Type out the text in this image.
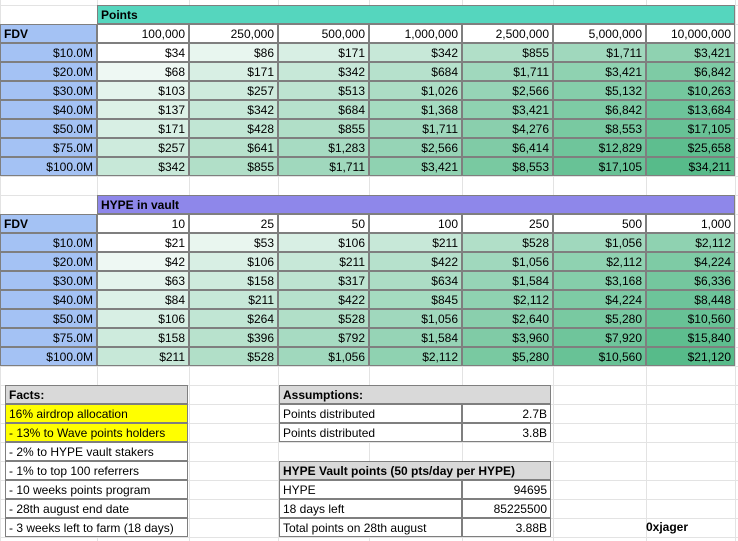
Points
FDV	100,000	250,000	500,000	1,000,000	2,500,000	5,000,000	10,000,000
$10.0M	$34	$86	$171	$342	$855	$1,711	$3,421
$20.0M	$68	$171	$342	$684	$1,711	$3,421	$6,842
$30.0M	$103	$257	$513	$1,026	$2,566	$5,132	$10,263
$40.0M	$137	$342	$684	$1,368	$3,421	$6,842	$13,684
$50.0M	$171	$428	$855	$1,711	$4,276	$8,553	$17,105
$75.0M	$257	$641	$1,283	$2,566	$6,414	$12,829	$25,658
$100.0M	$342	$855	$1,711	$3,421	$8,553	$17,105	$34,211
HYPE in vault
FDV	10	25	50	100	250	500	1,000
$10.0M	$21	$53	$106	$211	$528	$1,056	$2,112
$20.0M	$42	$106	$211	$422	$1,056	$2,112	$4,224
$30.0M	$63	$158	$317	$634	$1,584	$3,168	$6,336
$40.0M	$84	$211	$422	$845	$2,112	$4,224	$8,448
$50.0M	$106	$264	$528	$1,056	$2,640	$5,280	$10,560
$75.0M	$158	$396	$792	$1,584	$3,960	$7,920	$15,840
$100.0M	$211	$528	$1,056	$2,112	$5,280	$10,560	$21,120
Facts:
16% airdrop allocation
- 13% to Wave points holders
- 2% to HYPE vault stakers
- 1% to top 100 referrers
- 10 weeks points program
- 28th august end date
- 3 weeks left to farm (18 days)
Assumptions:
Points distributed	2.7B
Points distributed	3.8B
HYPE Vault points (50 pts/day per HYPE)
HYPE	94695
18 days left	85225500
Total points on 28th august	3.88B	0xjager
